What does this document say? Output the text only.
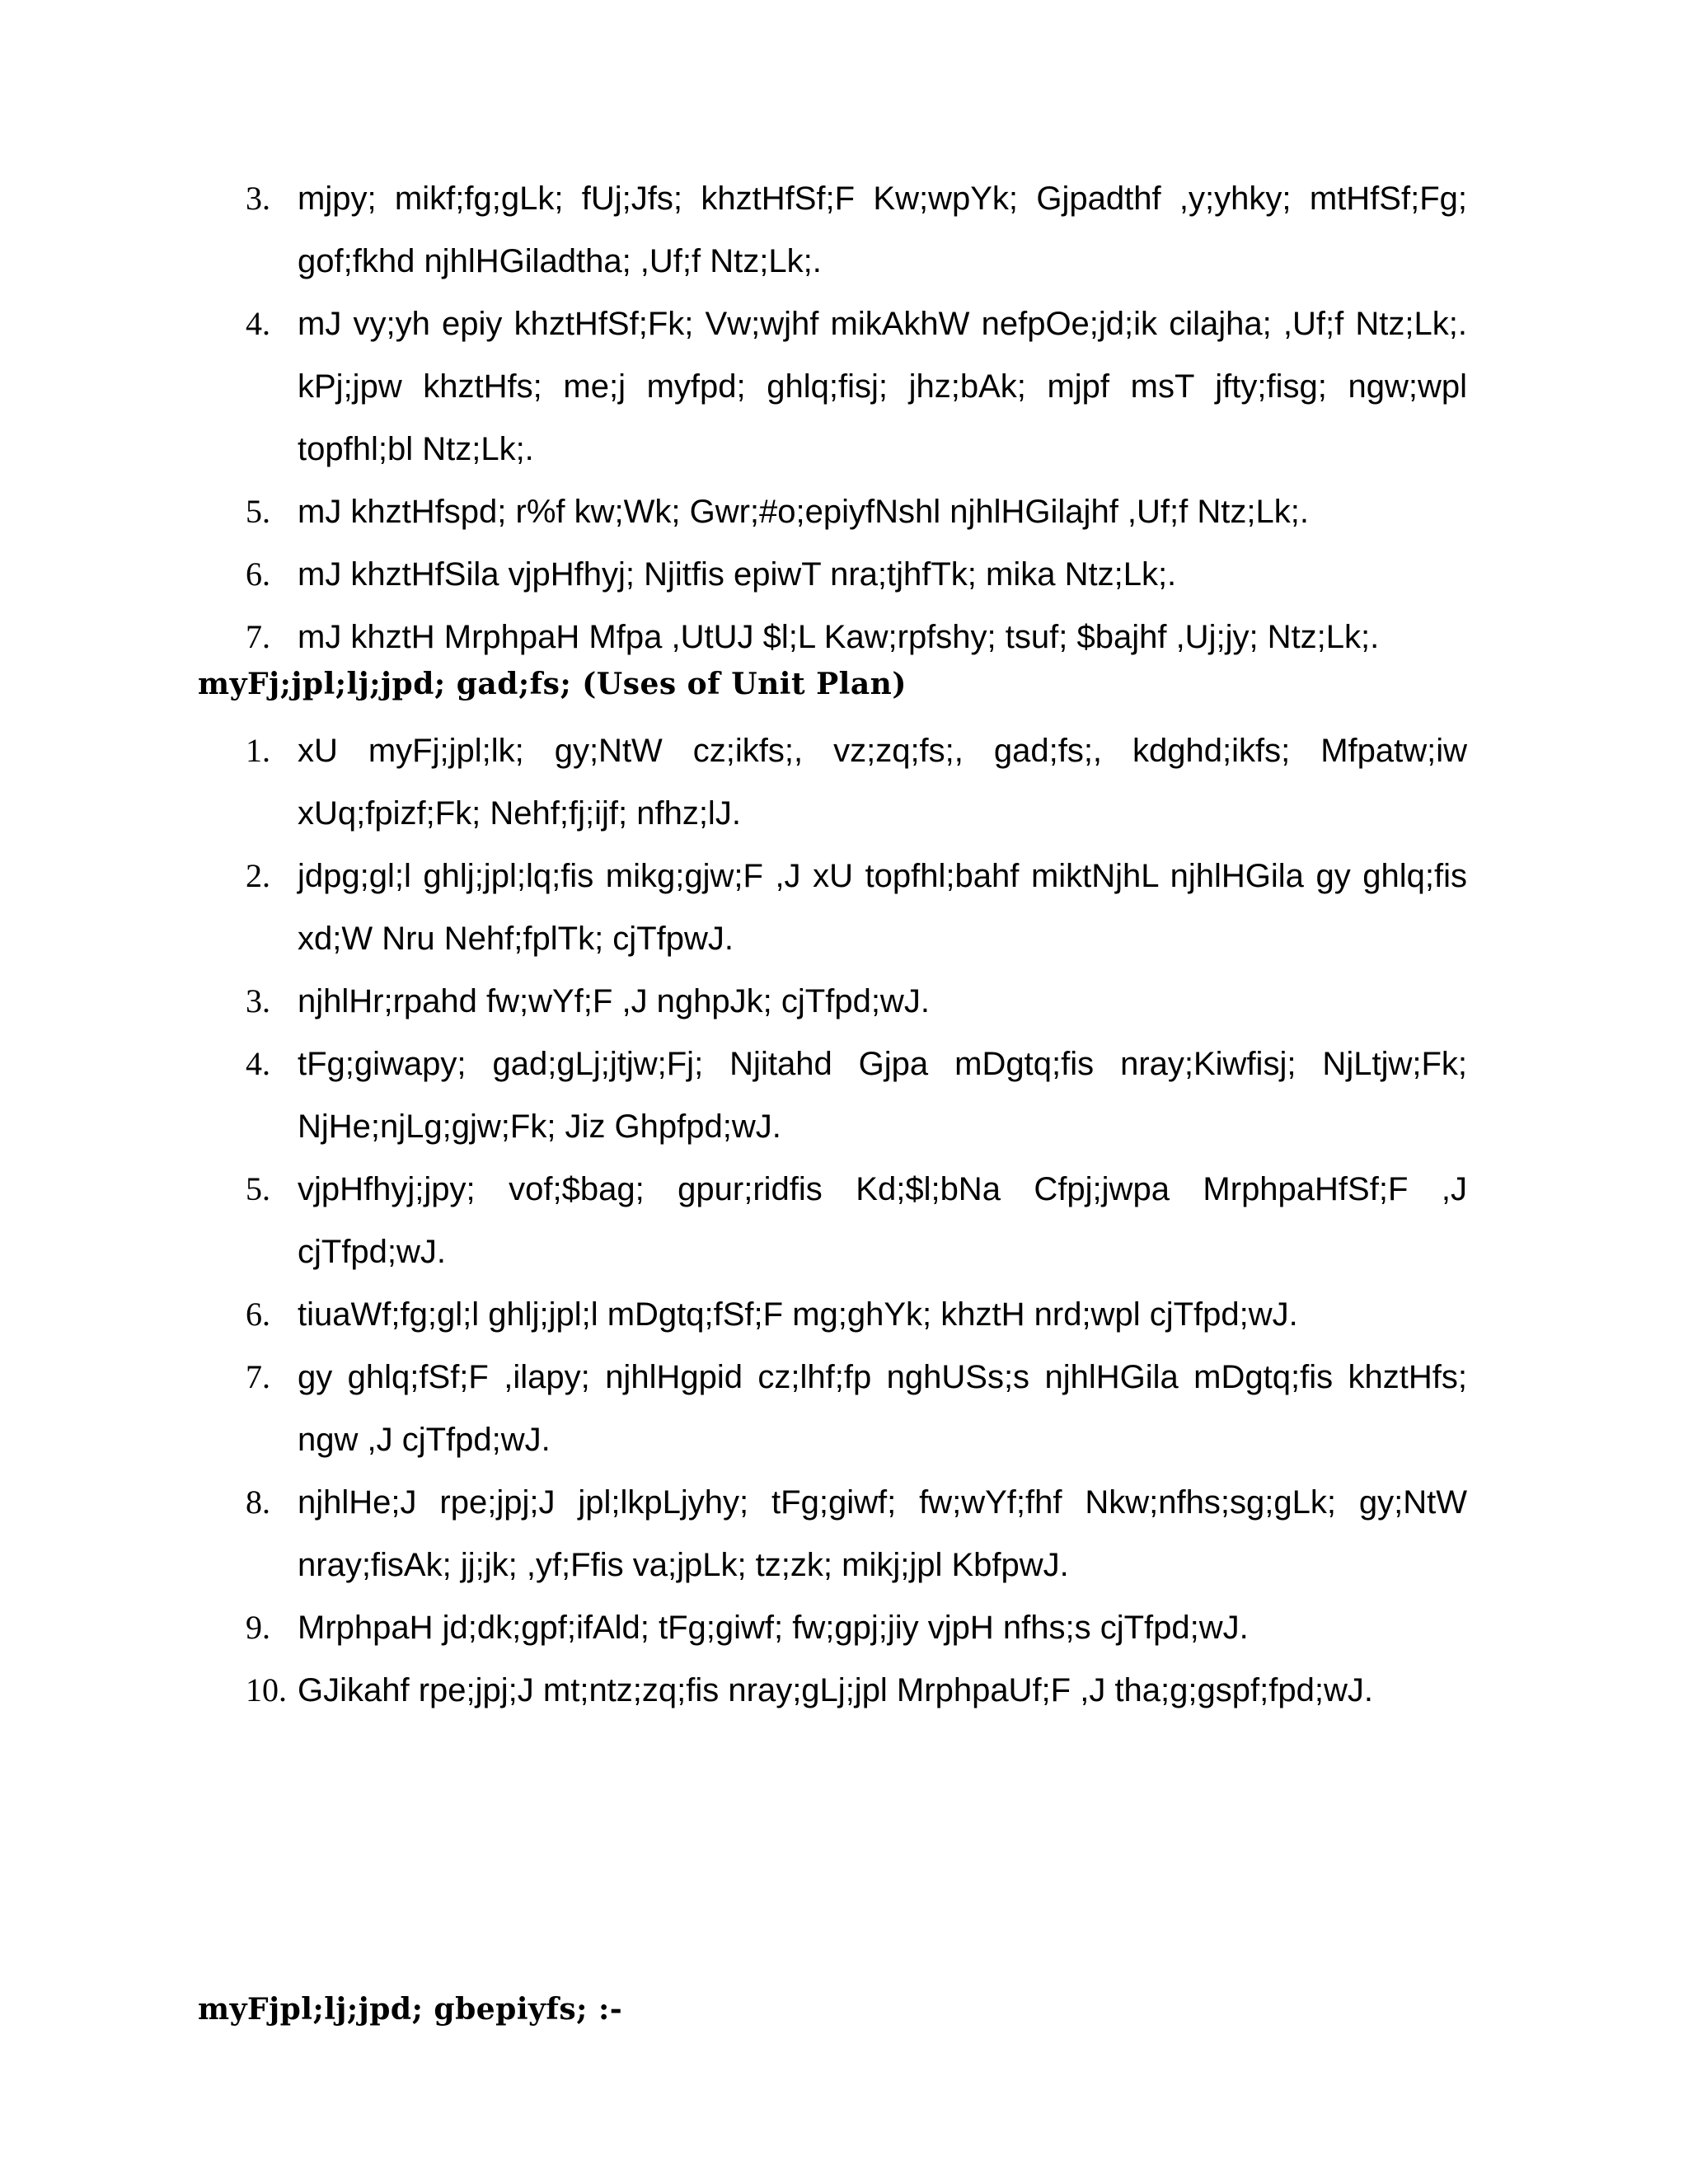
3. mjpy; mikf;fg;gLk; fUj;Jfs; khztHfSf;F Kw;wpYk; Gjpadthf ,y;yhky; mtHfSf;Fg; gof;fkhd njhlHGiladtha; ,Uf;f Ntz;Lk;.
4. mJ vy;yh epiy khztHfSf;Fk; Vw;wjhf mikAkhW nefpOe;jd;ik cilajha; ,Uf;f Ntz;Lk;. kPj;jpw khztHfs; me;j myfpd; ghlq;fisj; jhz;bAk; mjpf msT jfty;fisg; ngw;wpl topfhl;bl Ntz;Lk;.
5. mJ khztHfspd; r%f kw;Wk; Gwr;#o;epiyfNshl njhlHGilajhf ,Uf;f Ntz;Lk;.
6. mJ khztHfSila vjpHfhyj; Njitfis epiwT nra;tjhfTk; mika Ntz;Lk;.
7. mJ khztH MrphpaH Mfpa ,UtUJ $l;L Kaw;rpfshy; tsuf; $bajhf ,Uj;jy; Ntz;Lk;.
myFj;jpl;lj;jpd; gad;fs; (Uses of Unit Plan)
1. xU myFj;jpl;lk; gy;NtW cz;ikfs;, vz;zq;fs;, gad;fs;, kdghd;ikfs; Mfpatw;iw xUq;fpizf;Fk; Nehf;fj;ijf; nfhz;lJ.
2. jdpg;gl;l ghlj;jpl;lq;fis mikg;gjw;F ,J xU topfhl;bahf miktNjhL njhlHGila gy ghlq;fis xd;W Nru Nehf;fplTk; cjTfpwJ.
3. njhlHr;rpahd fw;wYf;F ,J nghpJk; cjTfpd;wJ.
4. tFg;giwapy; gad;gLj;jtjw;Fj; Njitahd Gjpa mDgtq;fis nray;Kiwfisj; NjLtjw;Fk; NjHe;njLg;gjw;Fk; Jiz Ghpfpd;wJ.
5. vjpHfhyj;jpy; vof;$bag; gpur;ridfis Kd;$l;bNa Cfpj;jwpa MrphpaHfSf;F ,J cjTfpd;wJ.
6. tiuaWf;fg;gl;l ghlj;jpl;l mDgtq;fSf;F mg;ghYk; khztH nrd;wpl cjTfpd;wJ.
7. gy ghlq;fSf;F ,ilapy; njhlHgpid cz;lhf;fp nghUSs;s njhlHGila mDgtq;fis khztHfs; ngw ,J cjTfpd;wJ.
8. njhlHe;J rpe;jpj;J jpl;lkpLjyhy; tFg;giwf; fw;wYf;fhf Nkw;nfhs;sg;gLk; gy;NtW nray;fisAk; jj;jk; ,yf;Ffis va;jpLk; tz;zk; mikj;jpl KbfpwJ.
9. MrphpaH jd;dk;gpf;ifAld; tFg;giwf; fw;gpj;jiy vjpH nfhs;s cjTfpd;wJ.
10. GJikahf rpe;jpj;J mt;ntz;zq;fis nray;gLj;jpl MrphpaUf;F ,J tha;g;gspf;fpd;wJ.
myFjpl;lj;jpd; gbepiyfs; :-
